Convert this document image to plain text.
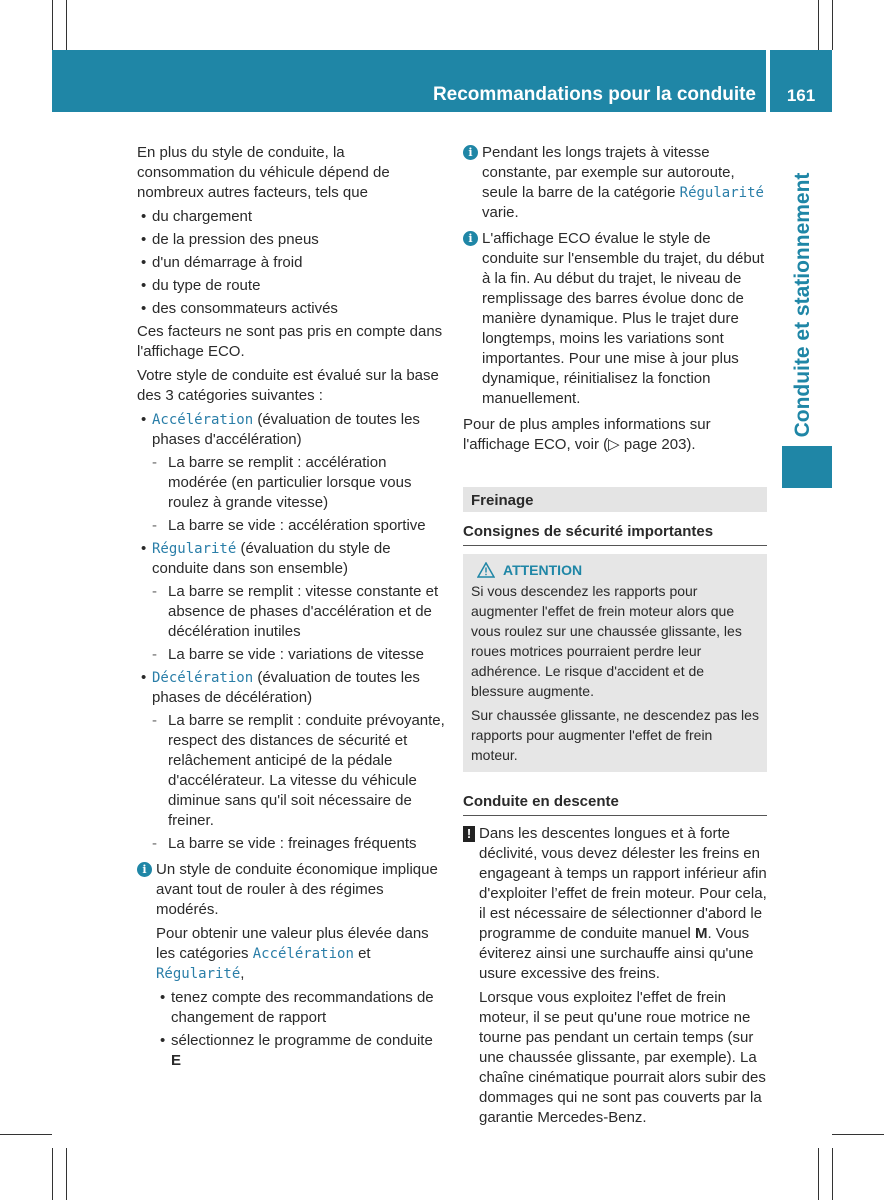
Recommandations pour la conduite	161
Conduite et stationnement

En plus du style de conduite, la consommation du véhicule dépend de nombreux autres facteurs, tels que

• du chargement
• de la pression des pneus
• d'un démarrage à froid
• du type de route
• des consommateurs activés

Ces facteurs ne sont pas pris en compte dans l'affichage ECO.

Votre style de conduite est évalué sur la base des 3 catégories suivantes :

• Accélération (évaluation de toutes les phases d'accélération)
- La barre se remplit : accélération modérée (en particulier lorsque vous roulez à grande vitesse)
- La barre se vide : accélération sportive
• Régularité (évaluation du style de conduite dans son ensemble)
- La barre se remplit : vitesse constante et absence de phases d'accélération et de décélération inutiles
- La barre se vide : variations de vitesse
• Décélération (évaluation de toutes les phases de décélération)
- La barre se remplit : conduite prévoyante, respect des distances de sécurité et relâchement anticipé de la pédale d'accélérateur. La vitesse du véhicule diminue sans qu'il soit nécessaire de freiner.
- La barre se vide : freinages fréquents
i Un style de conduite économique implique avant tout de rouler à des régimes modérés.

Pour obtenir une valeur plus élevée dans les catégories Accélération et Régularité,

• tenez compte des recommandations de changement de rapport
• sélectionnez le programme de conduite
E
i Pendant les longs trajets à vitesse constante, par exemple sur autoroute, seule la barre de la catégorie Régularité varie.
i L'affichage ECO évalue le style de conduite sur l'ensemble du trajet, du début à la fin. Au début du trajet, le niveau de remplissage des barres évolue donc de manière dynamique. Plus le trajet dure longtemps, moins les variations sont importantes. Pour une mise à jour plus dynamique, réinitialisez la fonction manuellement.

Pour de plus amples informations sur l'affichage ECO, voir (▷ page 203).

Freinage
Consignes de sécurité importantes
ATTENTION

Si vous descendez les rapports pour augmenter l'effet de frein moteur alors que vous roulez sur une chaussée glissante, les roues motrices pourraient perdre leur adhérence. Le risque d'accident et de blessure augmente.

Sur chaussée glissante, ne descendez pas les rapports pour augmenter l'effet de frein moteur.

Conduite en descente
! Dans les descentes longues et à forte déclivité, vous devez délester les freins en engageant à temps un rapport inférieur afin d'exploiter l’effet de frein moteur. Pour cela, il est nécessaire de sélectionner d'abord le programme de conduite manuel M. Vous éviterez ainsi une surchauffe ainsi qu'une usure excessive des freins.

Lorsque vous exploitez l'effet de frein moteur, il se peut qu'une roue motrice ne tourne pas pendant un certain temps (sur une chaussée glissante, par exemple). La chaîne cinématique pourrait alors subir des dommages qui ne sont pas couverts par la garantie Mercedes-Benz.
